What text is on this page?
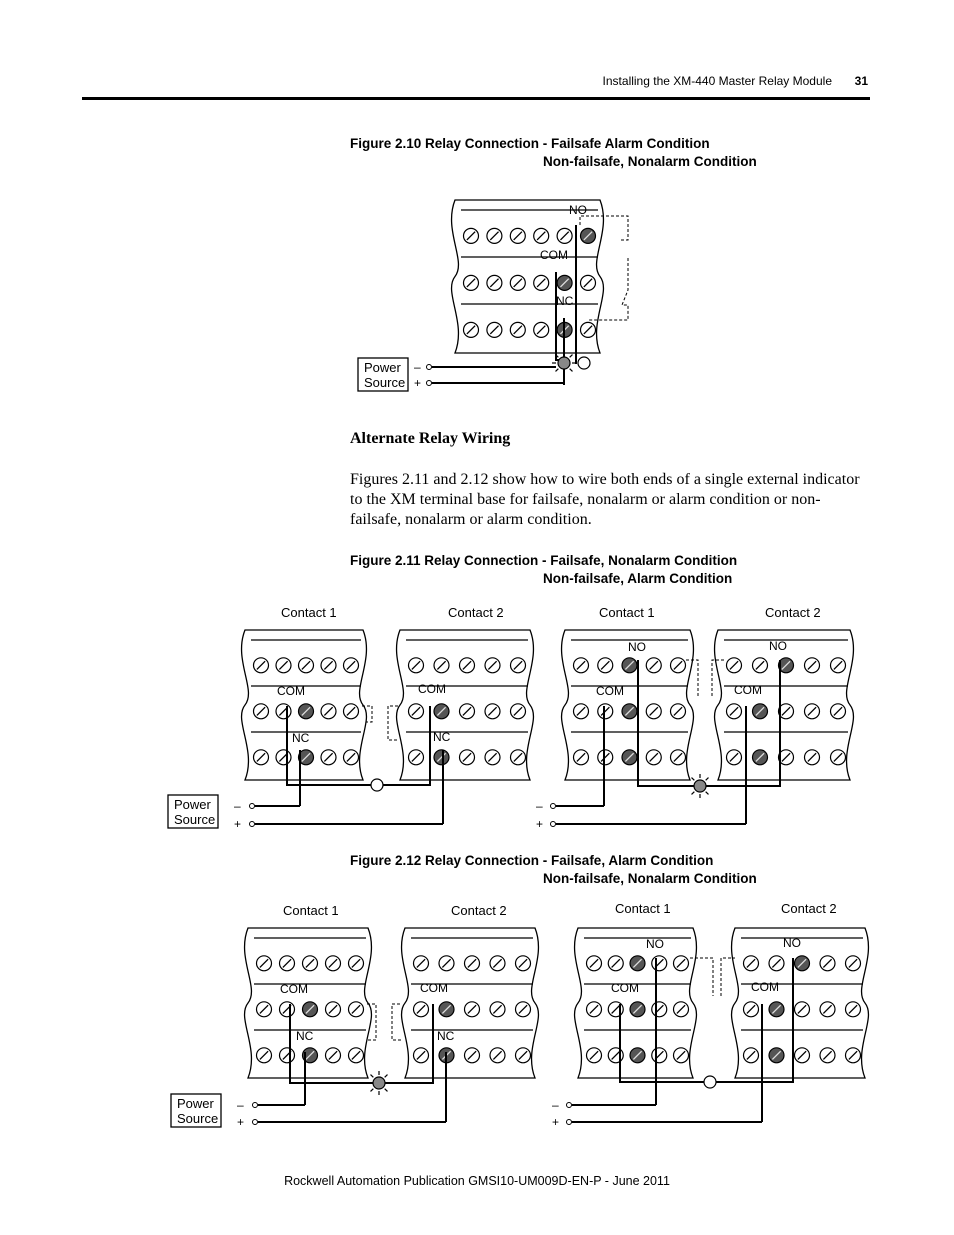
Installing the XM-440 Master Relay Module 31
Figure 2.10 Relay Connection - Failsafe Alarm Condition
Non-failsafe, Nonalarm Condition
Alternate Relay Wiring
Figures 2.11 and 2.12 show how to wire both ends of a single external indicator to the XM terminal base for failsafe, nonalarm or alarm condition or non-failsafe, nonalarm or alarm condition.
Figure 2.11 Relay Connection - Failsafe, Nonalarm Condition
Non-failsafe, Alarm Condition
Figure 2.12 Relay Connection - Failsafe, Alarm Condition
Non-failsafe, Nonalarm Condition
NO
COM
NC
Power
Source
–
+
Contact 1	Contact 2	Contact 1	Contact 2
COM
NC
COM
NC
NO
COM
NO
COM
Power
Source
–
+
–
+
Contact 1	Contact 2	Contact 1	Contact 2
COM
NC
COM
NC
NO
COM
NO
COM
Power
Source
–
+
–
+
Rockwell Automation Publication GMSI10-UM009D-EN-P - June 2011
